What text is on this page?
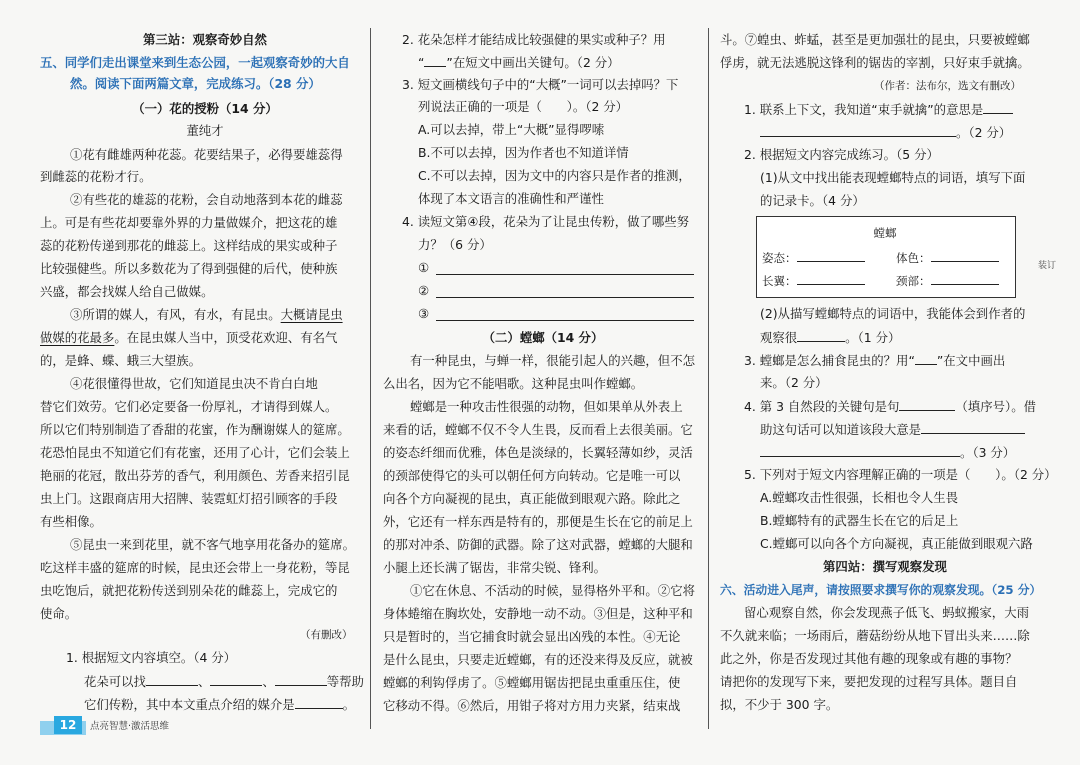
第三站：观察奇妙自然
五、同学们走出课堂来到生态公园，一起观察奇妙的大自
然。阅读下面两篇文章，完成练习。（28 分）
（一）花的授粉（14 分）
董纯才
①花有雌雄两种花蕊。花要结果子，必得要雄蕊得
到雌蕊的花粉才行。
②有些花的雄蕊的花粉，会自动地落到本花的雌蕊
上。可是有些花却要靠外界的力量做媒介，把这花的雄
蕊的花粉传递到那花的雌蕊上。这样结成的果实或种子
比较强健些。所以多数花为了得到强健的后代，使种族
兴盛，都会找媒人给自己做媒。
③所谓的媒人，有风，有水，有昆虫。大概请昆虫
做媒的花最多。在昆虫媒人当中，顶受花欢迎、有名气
的，是蜂、蝶、蛾三大望族。
④花很懂得世故，它们知道昆虫决不肯白白地
替它们效劳。它们必定要备一份厚礼，才请得到媒人。
所以它们特别制造了香甜的花蜜，作为酬谢媒人的筵席。
花恐怕昆虫不知道它们有花蜜，还用了心计，它们会装上
艳丽的花冠，散出芬芳的香气，利用颜色、芳香来招引昆
虫上门。这跟商店用大招牌、装霓虹灯招引顾客的手段
有些相像。
⑤昆虫一来到花里，就不客气地享用花备办的筵席。
吃这样丰盛的筵席的时候，昆虫还会带上一身花粉，等昆
虫吃饱后，就把花粉传送到别朵花的雌蕊上，完成它的
使命。
（有删改）
1. 根据短文内容填空。（4 分）
花朵可以找	、	、	等帮助
它们传粉，其中本文重点介绍的媒介是	。
2. 花朵怎样才能结成比较强健的果实或种子？用
“ ”在短文中画出关键句。（2 分）
3. 短文画横线句子中的“大概”一词可以去掉吗？下
列说法正确的一项是（　　）。（2 分）
A.可以去掉，带上“大概”显得啰嗦
B.不可以去掉，因为作者也不知道详情
C.不可以去掉，因为文中的内容只是作者的推测，
体现了本文语言的准确性和严谨性
4. 读短文第④段，花朵为了让昆虫传粉，做了哪些努
力？（6 分）
①
②
③
（二）螳螂（14 分）
有一种昆虫，与蝉一样，很能引起人的兴趣，但不怎
么出名，因为它不能唱歌。这种昆虫叫作螳螂。
螳螂是一种攻击性很强的动物，但如果单从外表上
来看的话，螳螂不仅不令人生畏，反而看上去很美丽。它
的姿态纤细而优雅，体色是淡绿的，长翼轻薄如纱，灵活
的颈部使得它的头可以朝任何方向转动。它是唯一可以
向各个方向凝视的昆虫，真正能做到眼观六路。除此之
外，它还有一样东西是特有的，那便是生长在它的前足上
的那对冲杀、防御的武器。除了这对武器，螳螂的大腿和
小腿上还长满了锯齿，非常尖锐、锋利。
①它在休息、不活动的时候，显得格外平和。②它将
身体蜷缩在胸坎处，安静地一动不动。③但是，这种平和
只是暂时的，当它捕食时就会显出凶残的本性。④无论
是什么昆虫，只要走近螳螂，有的还没来得及反应，就被
螳螂的利钩俘虏了。⑤螳螂用锯齿把昆虫重重压住，使
它移动不得。⑥然后，用钳子将对方用力夹紧，结束战
斗。⑦蝗虫、蚱蜢，甚至是更加强壮的昆虫，只要被螳螂
俘虏，就无法逃脱这锋利的锯齿的宰割，只好束手就擒。
（作者：法布尔，选文有删改）
1. 联系上下文，我知道“束手就擒”的意思是
。（2 分）
2. 根据短文内容完成练习。（5 分）
(1)从文中找出能表现螳螂特点的词语，填写下面
的记录卡。（4 分）
螳螂
姿态：	体色：
长翼：	颈部：
(2)从描写螳螂特点的词语中，我能体会到作者的
观察很	。（1 分）
3. 螳螂是怎么捕食昆虫的？用“ ”在文中画出
来。（2 分）
4. 第 3 自然段的关键句是句	（填序号）。借
助这句话可以知道该段大意是
。（3 分）
5. 下列对于短文内容理解正确的一项是（　　）。（2 分）
A.螳螂攻击性很强，长相也令人生畏
B.螳螂特有的武器生长在它的后足上
C.螳螂可以向各个方向凝视，真正能做到眼观六路
第四站：撰写观察发现
六、活动进入尾声，请按照要求撰写你的观察发现。（25 分）
留心观察自然，你会发现燕子低飞、蚂蚁搬家，大雨
不久就来临；一场雨后，蘑菇纷纷从地下冒出头来……除
此之外，你是否发现过其他有趣的现象或有趣的事物？
请把你的发现写下来，要把发现的过程写具体。题目自
拟，不少于 300 字。
装订
12	点亮智慧·激活思维
